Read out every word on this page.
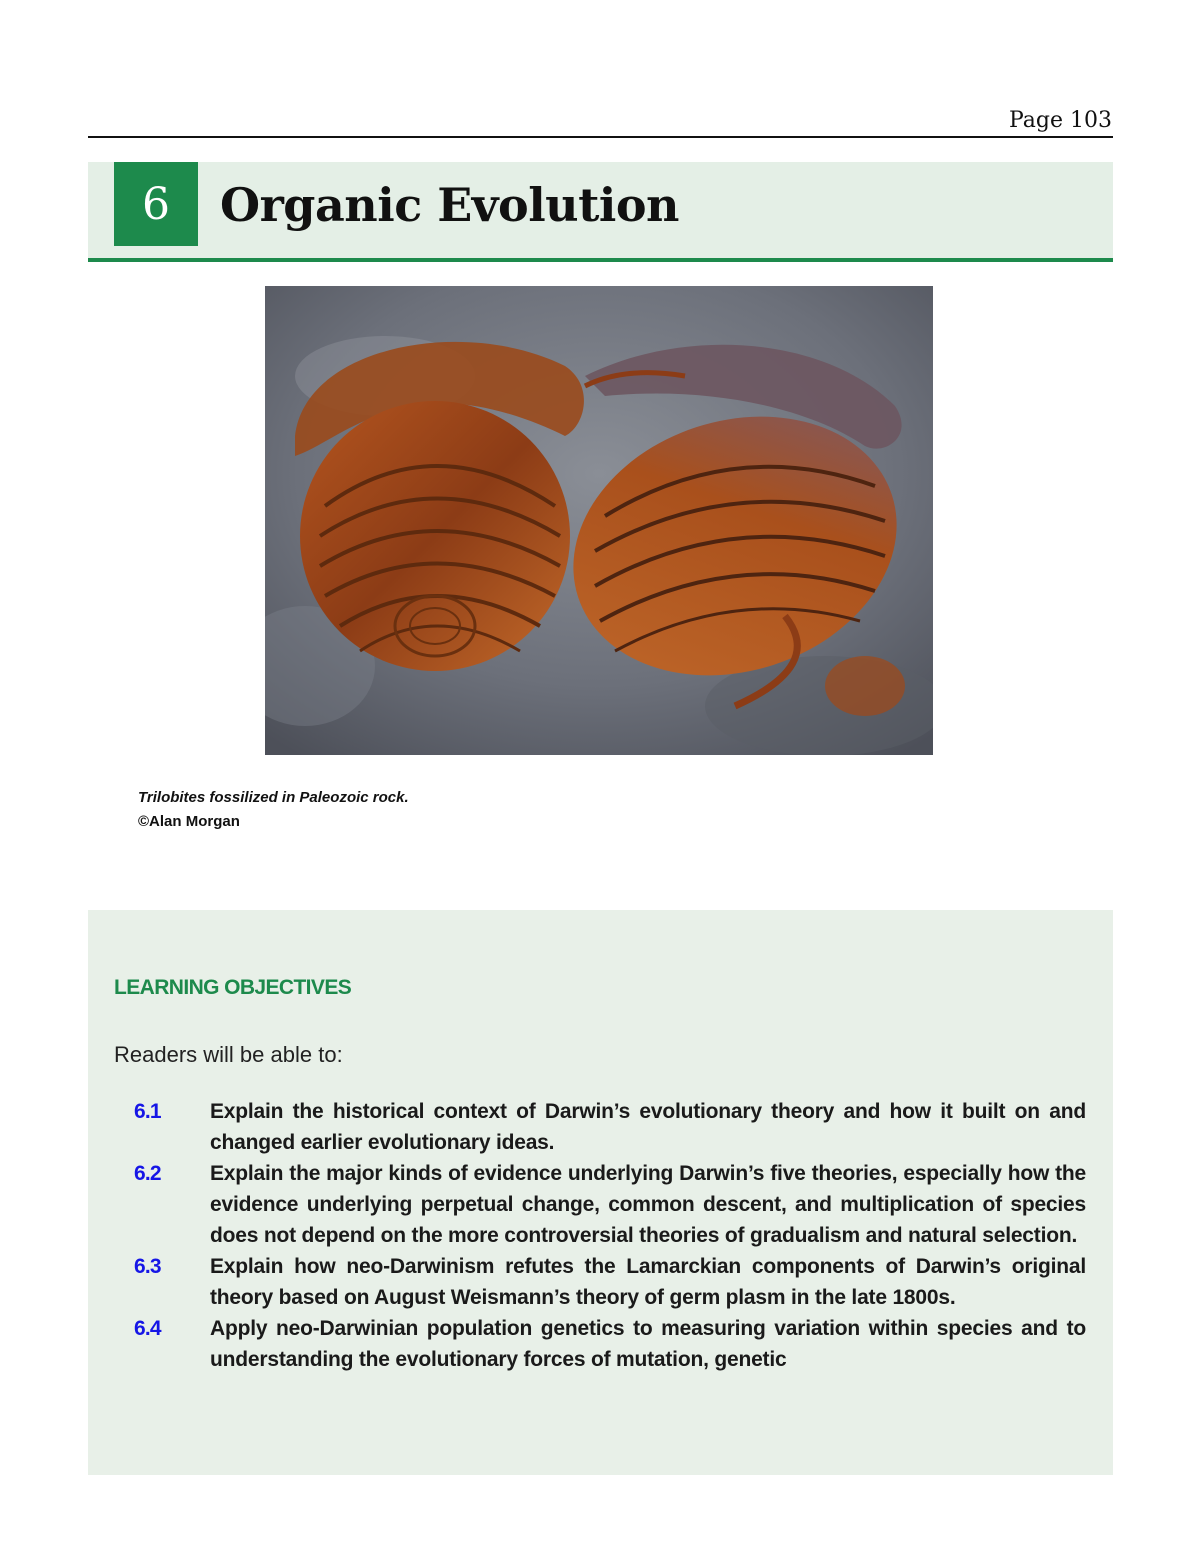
Page 103
6	Organic Evolution
Trilobites fossilized in Paleozoic rock.
©Alan Morgan
LEARNING OBJECTIVES
Readers will be able to:
6.1	Explain the historical context of Darwin’s evolutionary theory and how it built on and changed earlier evolutionary ideas.
6.2	Explain the major kinds of evidence underlying Darwin’s five theories, especially how the evidence underlying perpetual change, common descent, and multiplication of species does not depend on the more controversial theories of gradualism and natural selection.
6.3	Explain how neo-Darwinism refutes the Lamarckian components of Darwin’s original theory based on August Weismann’s theory of germ plasm in the late 1800s.
6.4	Apply neo-Darwinian population genetics to measuring variation within species and to understanding the evolutionary forces of mutation, genetic
